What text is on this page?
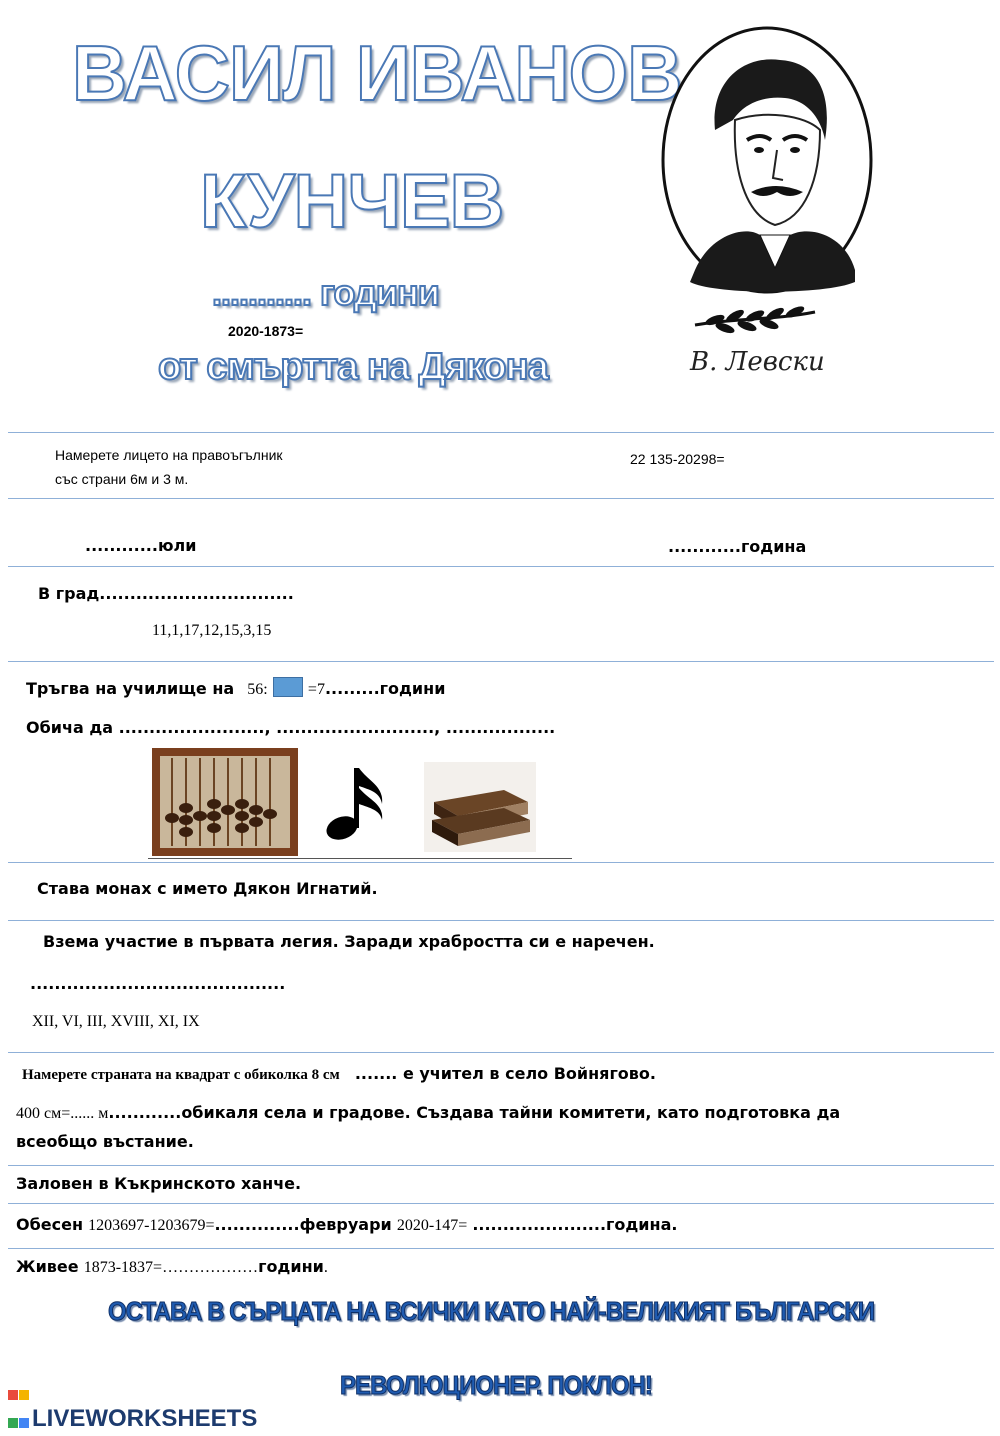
ВАСИЛ ИВАНОВ
КУНЧЕВ
........... години
2020-1873=
от смъртта на Дякона	В. Левски
Намерете лицето на правоъгълник
със страни 6м и 3 м.
22 135-20298=
............юли	............година
В град................................
11,1,17,12,15,3,15
Тръгва на училище на 56:	=7.........години
Обича да ........................, .........................., ..................
Става монах с името Дякон Игнатий.
Взема участие в първата легия. Заради храбростта си е наречен.
..........................................
XII, VI, III, XVIII, XI, IX
Намерете страната на квадрат с обиколка 8 см ....... е учител в село Войнягово.
400 см=...... м............обикаля села и градове. Създава тайни комитети, като подготовка да
всеобщо въстание.
Заловен в Къкринското ханче.
Обесен 1203697-1203679=..............февруари 2020-147= ......................година.
Живее 1873-1837=………………години.
ОСТАВА В СЪРЦАТА НА ВСИЧКИ КАТО НАЙ-ВЕЛИКИЯТ БЪЛГАРСКИ
РЕВОЛЮЦИОНЕР. ПОКЛОН!

LIVEWORKSHEETS
